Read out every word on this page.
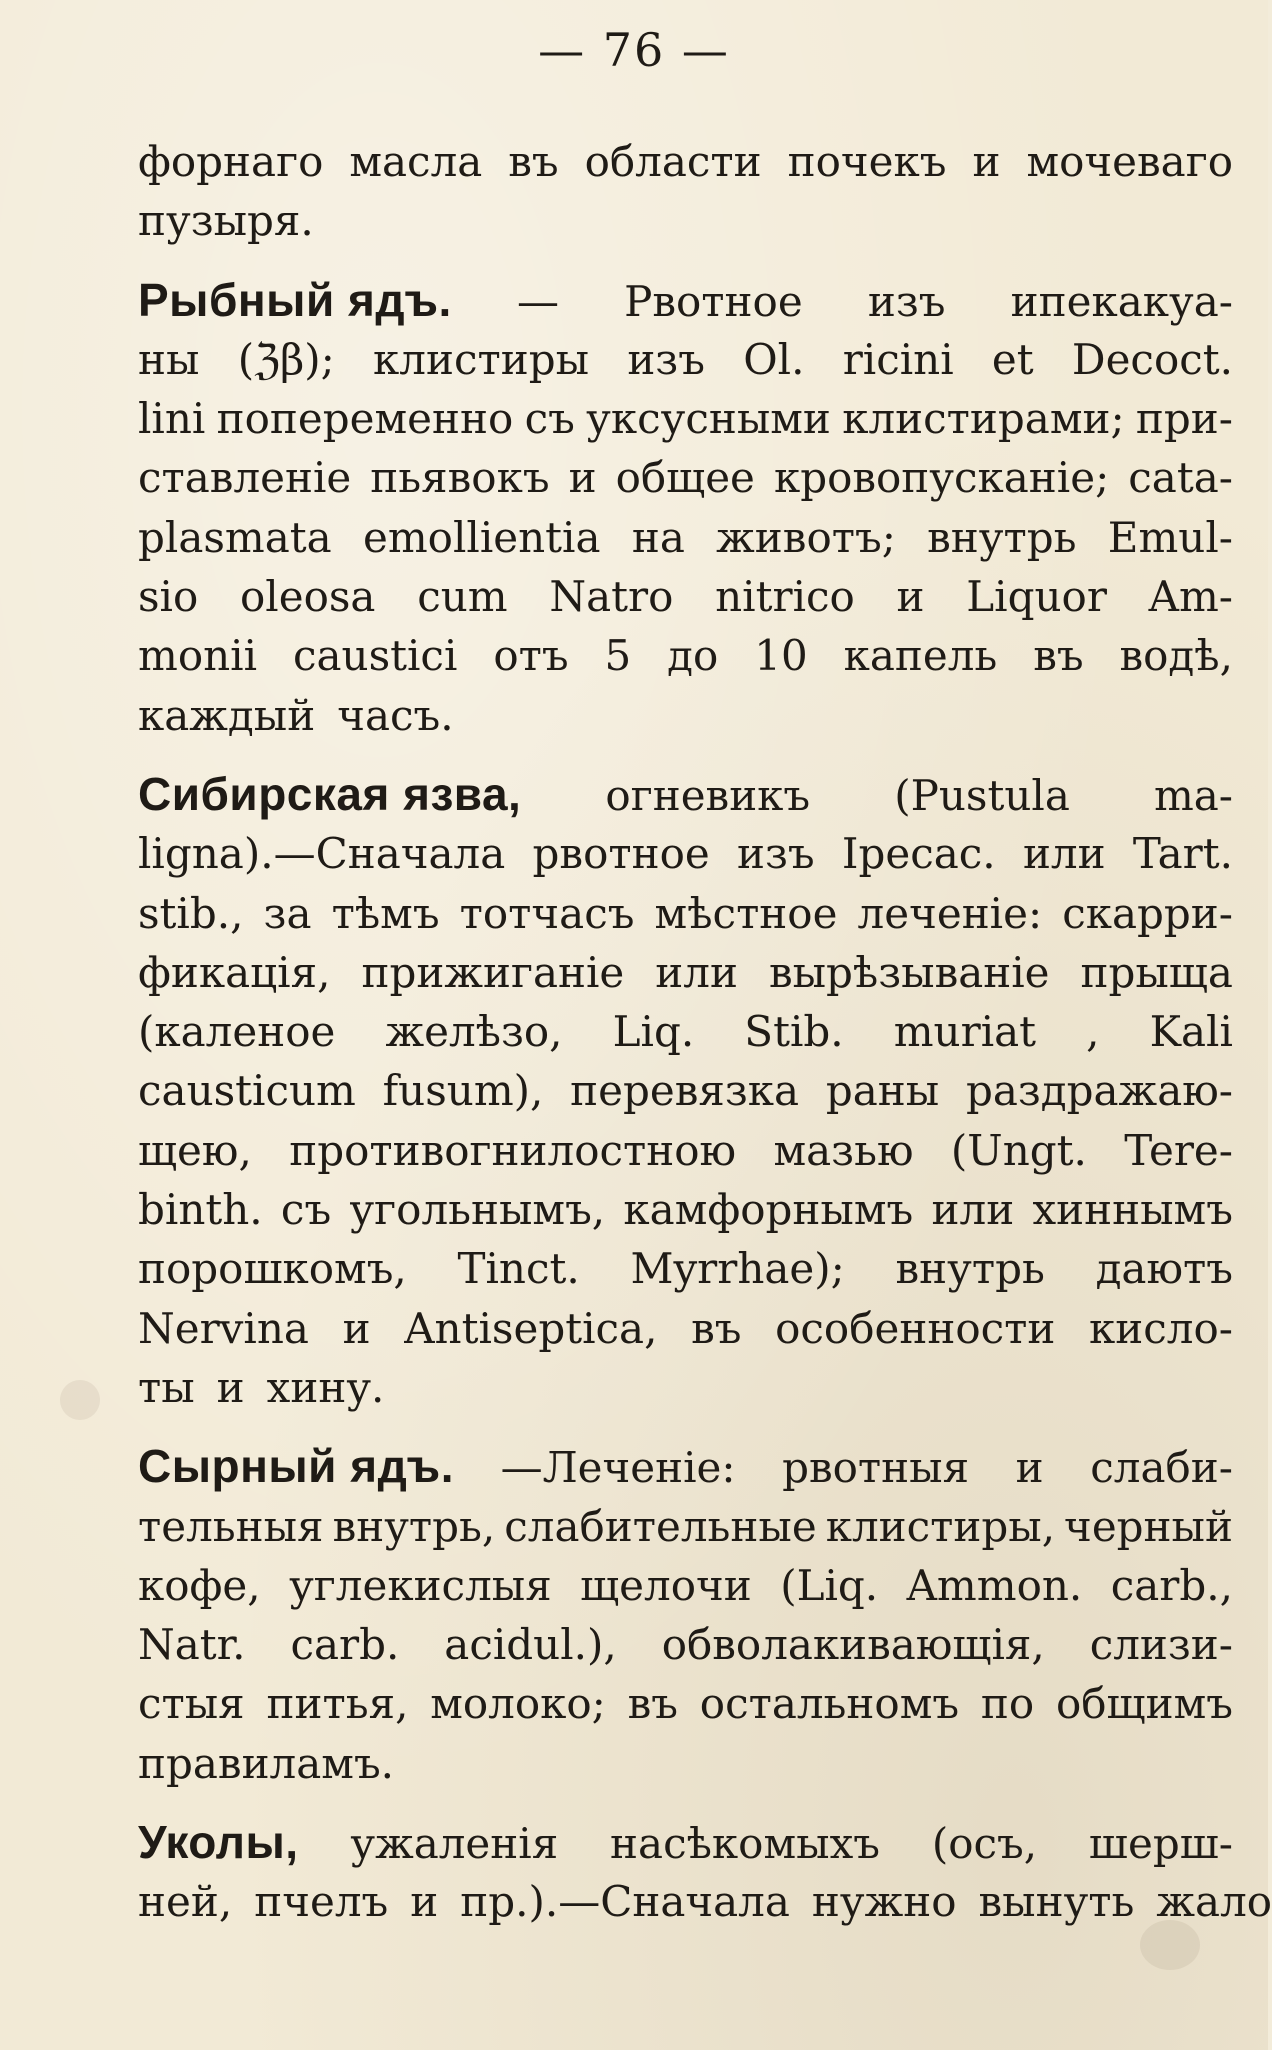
— 76 —
форнаго масла въ области почекъ и мочеваго
пузыря.
Рыбный ядъ. — Рвотное изъ ипекакуа-
ны (ℨβ); клистиры изъ Ol. ricini et Decoct.
lini попеременно съ уксусными клистирами; при-
ставленіе пьявокъ и общее кровопусканіе; cata-
plasmata emollientia на животъ; внутрь Emul-
sio oleosa cum Natro nitrico и Liquor Am-
monii caustici отъ 5 до 10 капель въ водѣ,
каждый часъ.
Сибирская язва, огневикъ (Pustula ma-
ligna).—Сначала рвотное изъ Ipecac. или Tart.
stib., за тѣмъ тотчасъ мѣстное леченіе: скарри-
фикація, прижиганіе или вырѣзываніе прыща
(каленое желѣзо, Liq. Stib. muriat , Kali
causticum fusum), перевязка раны раздражаю-
щею, противогнилостною мазью (Ungt. Tere-
binth. съ угольнымъ, камфорнымъ или хиннымъ
порошкомъ, Tinct. Myrrhae); внутрь даютъ
Nervina и Antiseptica, въ особенности кисло-
ты и хину.
Сырный ядъ. —Леченіе: рвотныя и слаби-
тельныя внутрь, слабительные клистиры, черный
кофе, углекислыя щелочи (Liq. Ammon. carb.,
Natr. carb. acidul.), обволакивающія, слизи-
стыя питья, молоко; въ остальномъ по общимъ
правиламъ.
Уколы, ужаленія насѣкомыхъ (осъ, шерш-
ней, пчелъ и пр.).—Сначала нужно вынуть жало
